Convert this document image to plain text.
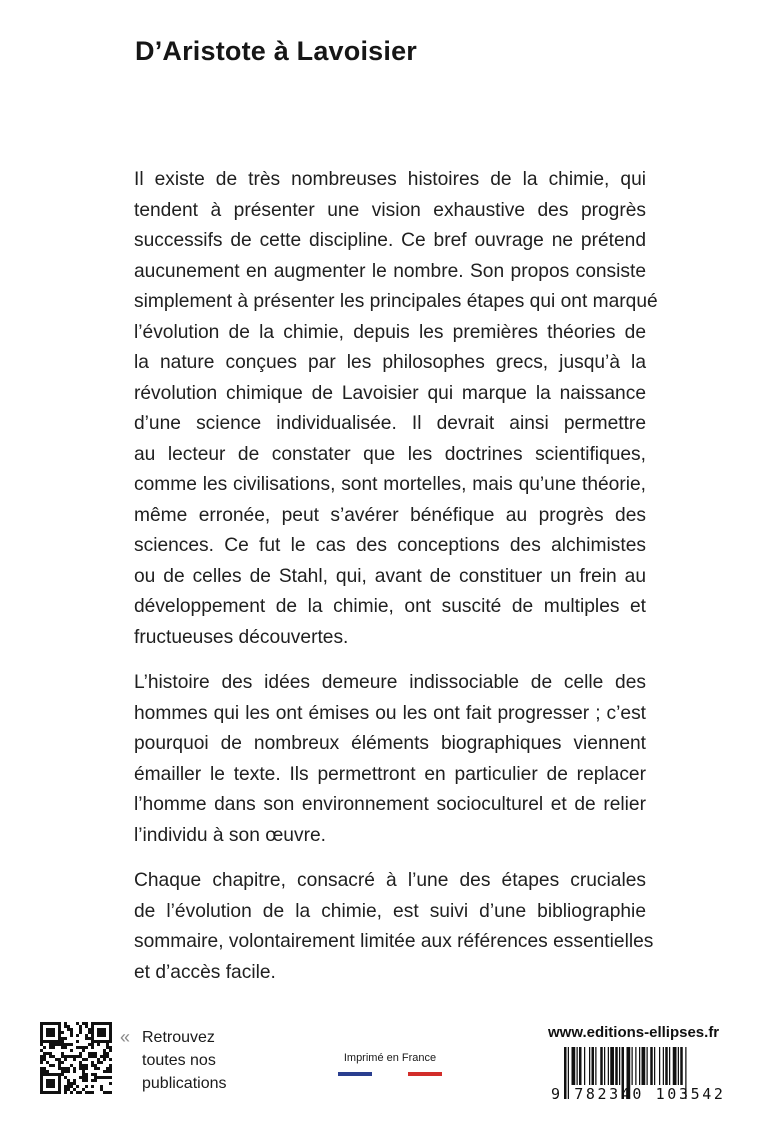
D’Aristote à Lavoisier
Il existe de très nombreuses histoires de la chimie, qui
tendent à présenter une vision exhaustive des progrès
successifs de cette discipline. Ce bref ouvrage ne prétend
aucunement en augmenter le nombre. Son propos consiste
simplement à présenter les principales étapes qui ont marqué
l’évolution de la chimie, depuis les premières théories de
la nature conçues par les philosophes grecs, jusqu’à la
révolution chimique de Lavoisier qui marque la naissance
d’une science individualisée. Il devrait ainsi permettre
au lecteur de constater que les doctrines scientifiques,
comme les civilisations, sont mortelles, mais qu’une théorie,
même erronée, peut s’avérer bénéfique au progrès des
sciences. Ce fut le cas des conceptions des alchimistes
ou de celles de Stahl, qui, avant de constituer un frein au
développement de la chimie, ont suscité de multiples et
fructueuses découvertes.
L’histoire des idées demeure indissociable de celle des
hommes qui les ont émises ou les ont fait progresser ; c’est
pourquoi de nombreux éléments biographiques viennent
émailler le texte. Ils permettront en particulier de replacer
l’homme dans son environnement socioculturel et de relier
l’individu à son œuvre.
Chaque chapitre, consacré à l’une des étapes cruciales
de l’évolution de la chimie, est suivi d’une bibliographie
sommaire, volontairement limitée aux références essentielles
et d’accès facile.
« Retrouvez
toutes nos
publications
Imprimé en France
www.editions-ellipses.fr
9 782340 103542
